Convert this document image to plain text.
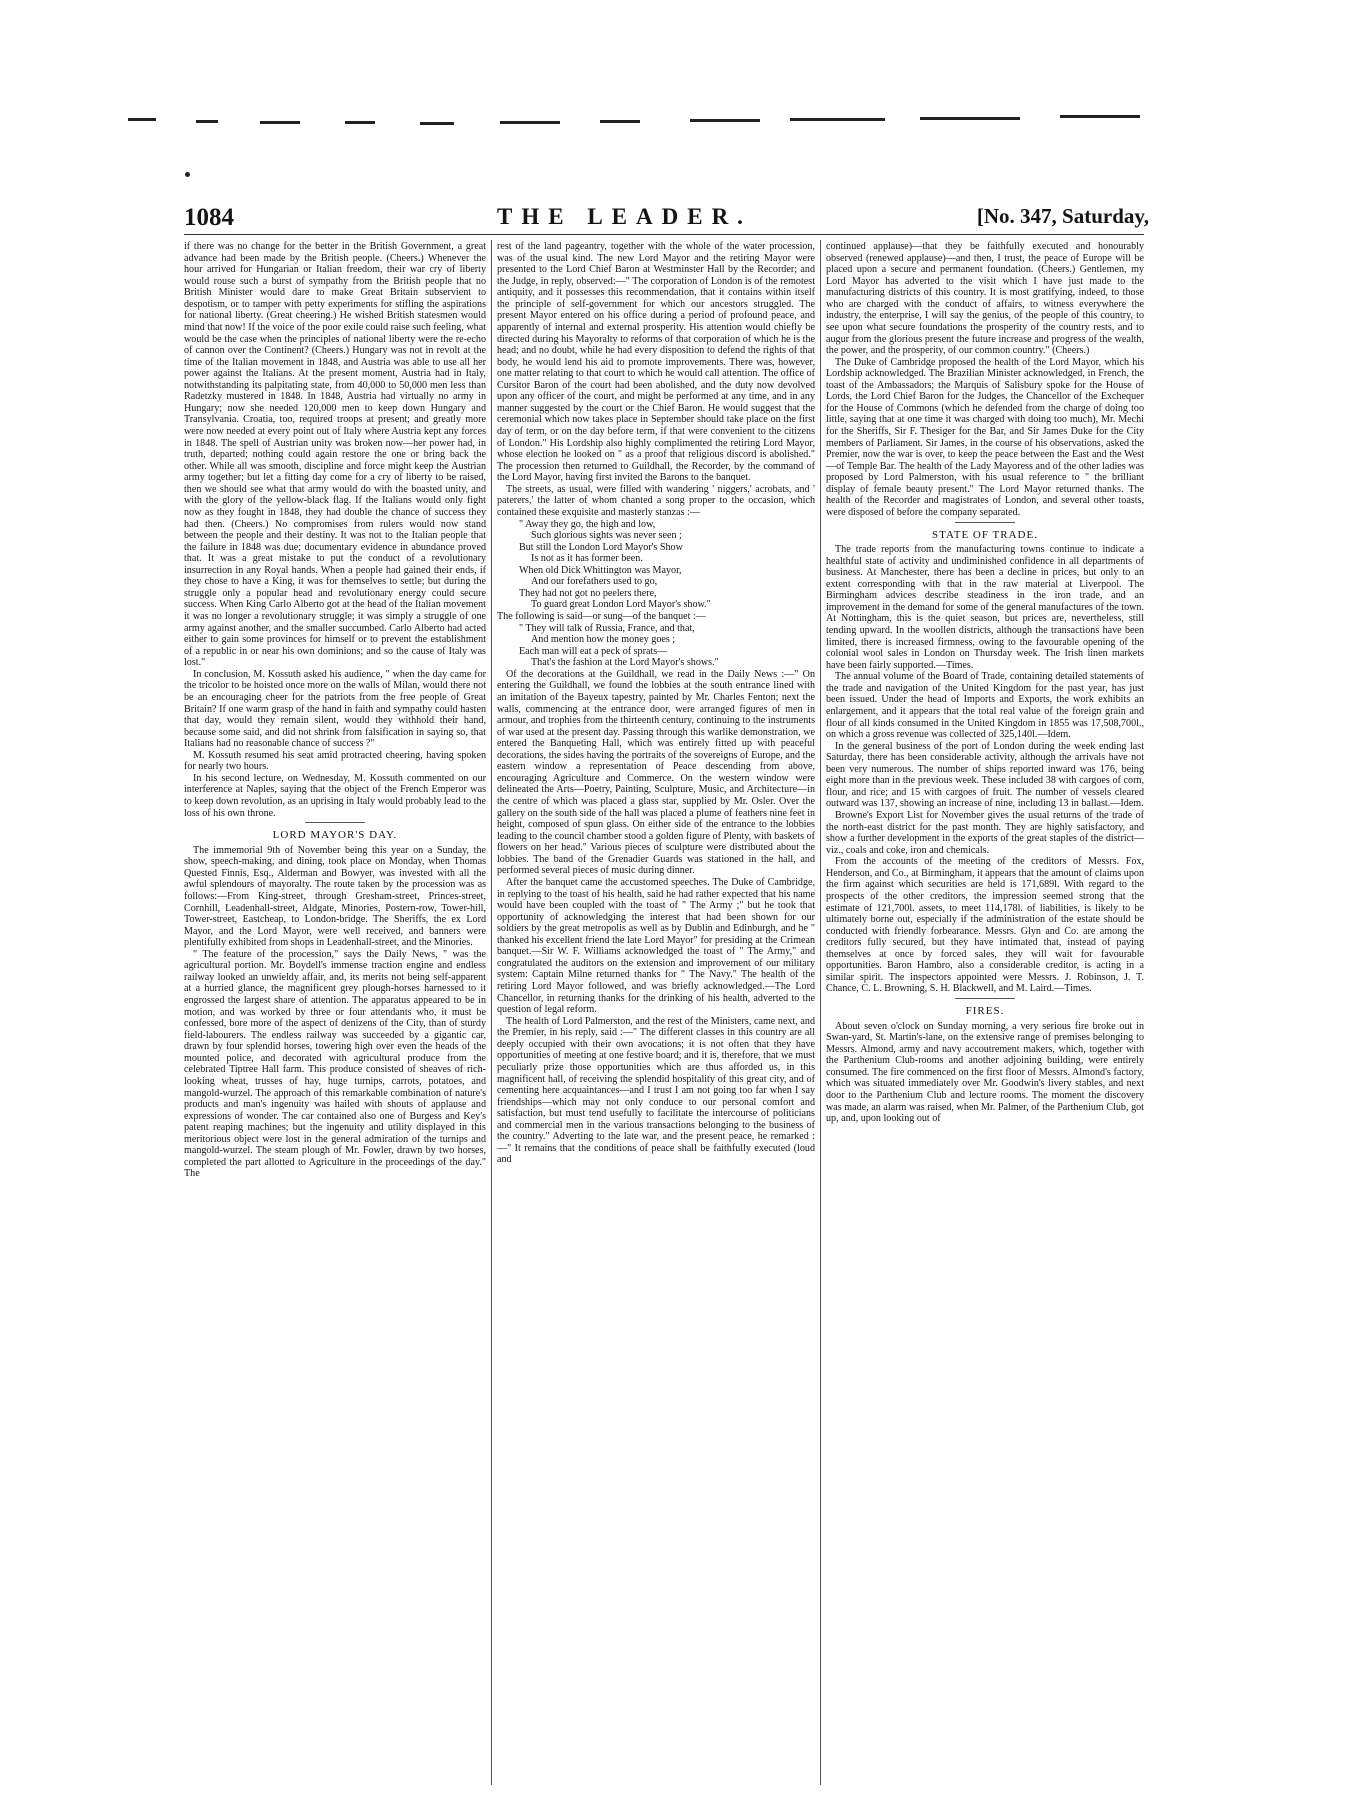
1084	THE LEADER.	[No. 347, Saturday,

if there was no change for the better in the British Government, a great advance had been made by the British people. (Cheers.) Whenever the hour arrived for Hungarian or Italian freedom, their war cry of liberty would rouse such a burst of sympathy from the British people that no British Minister would dare to make Great Britain subservient to despotism, or to tamper with petty experiments for stifling the aspirations for national liberty. (Great cheering.) He wished British statesmen would mind that now! If the voice of the poor exile could raise such feeling, what would be the case when the principles of national liberty were the re-echo of cannon over the Continent? (Cheers.) Hungary was not in revolt at the time of the Italian movement in 1848, and Austria was able to use all her power against the Italians. At the present moment, Austria had in Italy, notwithstanding its palpitating state, from 40,000 to 50,000 men less than Radetzky mustered in 1848. In 1848, Austria had virtually no army in Hungary; now she needed 120,000 men to keep down Hungary and Transylvania. Croatia, too, required troops at present; and greatly more were now needed at every point out of Italy where Austria kept any forces in 1848. The spell of Austrian unity was broken now—her power had, in truth, departed; nothing could again restore the one or bring back the other. While all was smooth, discipline and force might keep the Austrian army together; but let a fitting day come for a cry of liberty to be raised, then we should see what that army would do with the boasted unity, and with the glory of the yellow-black flag. If the Italians would only fight now as they fought in 1848, they had double the chance of success they had then. (Cheers.) No compromises from rulers would now stand between the people and their destiny. It was not to the Italian people that the failure in 1848 was due; documentary evidence in abundance proved that. It was a great mistake to put the conduct of a revolutionary insurrection in any Royal hands. When a people had gained their ends, if they chose to have a King, it was for themselves to settle; but during the struggle only a popular head and revolutionary energy could secure success. When King Carlo Alberto got at the head of the Italian movement it was no longer a revolutionary struggle; it was simply a struggle of one army against another, and the smaller succumbed. Carlo Alberto had acted either to gain some provinces for himself or to prevent the establishment of a republic in or near his own dominions; and so the cause of Italy was lost."

In conclusion, M. Kossuth asked his audience, " when the day came for the tricolor to be hoisted once more on the walls of Milan, would there not be an encouraging cheer for the patriots from the free people of Great Britain? If one warm grasp of the hand in faith and sympathy could hasten that day, would they remain silent, would they withhold their hand, because some said, and did not shrink from falsification in saying so, that Italians had no reasonable chance of success ?"

M. Kossuth resumed his seat amid protracted cheering, having spoken for nearly two hours.

In his second lecture, on Wednesday, M. Kossuth commented on our interference at Naples, saying that the object of the French Emperor was to keep down revolution, as an uprising in Italy would probably lead to the loss of his own throne.

LORD MAYOR'S DAY.

The immemorial 9th of November being this year on a Sunday, the show, speech-making, and dining, took place on Monday, when Thomas Quested Finnis, Esq., Alderman and Bowyer, was invested with all the awful splendours of mayoralty. The route taken by the procession was as follows:—From King-street, through Gresham-street, Princes-street, Cornhill, Leadenhall-street, Aldgate, Minories, Postern-row, Tower-hill, Tower-street, Eastcheap, to London-bridge. The Sheriffs, the ex Lord Mayor, and the Lord Mayor, were well received, and banners were plentifully exhibited from shops in Leadenhall-street, and the Minories.

" The feature of the procession," says the Daily News, " was the agricultural portion. Mr. Boydell's immense traction engine and endless railway looked an unwieldy affair, and, its merits not being self-apparent at a hurried glance, the magnificent grey plough-horses harnessed to it engrossed the largest share of attention. The apparatus appeared to be in motion, and was worked by three or four attendants who, it must be confessed, bore more of the aspect of denizens of the City, than of sturdy field-labourers. The endless railway was succeeded by a gigantic car, drawn by four splendid horses, towering high over even the heads of the mounted police, and decorated with agricultural produce from the celebrated Tiptree Hall farm. This produce consisted of sheaves of rich-looking wheat, trusses of hay, huge turnips, carrots, potatoes, and mangold-wurzel. The approach of this remarkable combination of nature's products and man's ingenuity was hailed with shouts of applause and expressions of wonder. The car contained also one of Burgess and Key's patent reaping machines; but the ingenuity and utility displayed in this meritorious object were lost in the general admiration of the turnips and mangold-wurzel. The steam plough of Mr. Fowler, drawn by two horses, completed the part allotted to Agriculture in the proceedings of the day." The

rest of the land pageantry, together with the whole of the water procession, was of the usual kind. The new Lord Mayor and the retiring Mayor were presented to the Lord Chief Baron at Westminster Hall by the Recorder; and the Judge, in reply, observed:—" The corporation of London is of the remotest antiquity, and it possesses this recommendation, that it contains within itself the principle of self-government for which our ancestors struggled. The present Mayor entered on his office during a period of profound peace, and apparently of internal and external prosperity. His attention would chiefly be directed during his Mayoralty to reforms of that corporation of which he is the head; and no doubt, while he had every disposition to defend the rights of that body, he would lend his aid to promote improvements. There was, however, one matter relating to that court to which he would call attention. The office of Cursitor Baron of the court had been abolished, and the duty now devolved upon any officer of the court, and might be performed at any time, and in any manner suggested by the court or the Chief Baron. He would suggest that the ceremonial which now takes place in September should take place on the first day of term, or on the day before term, if that were convenient to the citizens of London." His Lordship also highly complimented the retiring Lord Mayor, whose election he looked on " as a proof that religious discord is abolished." The procession then returned to Guildhall, the Recorder, by the command of the Lord Mayor, having first invited the Barons to the banquet.

The streets, as usual, were filled with wandering ' niggers,' acrobats, and ' paterers,' the latter of whom chanted a song proper to the occasion, which contained these exquisite and masterly stanzas :—

" Away they go, the high and low,
Such glorious sights was never seen ;
But still the London Lord Mayor's Show
Is not as it has former been.
When old Dick Whittington was Mayor,
And our forefathers used to go,
They had not got no peelers there,
To guard great London Lord Mayor's show."

The following is said—or sung—of the banquet :—

" They will talk of Russia, France, and that,
And mention how the money goes ;
Each man will eat a peck of sprats—
That's the fashion at the Lord Mayor's shows."

Of the decorations at the Guildhall, we read in the Daily News :—" On entering the Guildhall, we found the lobbies at the south entrance lined with an imitation of the Bayeux tapestry, painted by Mr. Charles Fenton; next the walls, commencing at the entrance door, were arranged figures of men in armour, and trophies from the thirteenth century, continuing to the instruments of war used at the present day. Passing through this warlike demonstration, we entered the Banqueting Hall, which was entirely fitted up with peaceful decorations, the sides having the portraits of the sovereigns of Europe, and the eastern window a representation of Peace descending from above, encouraging Agriculture and Commerce. On the western window were delineated the Arts—Poetry, Painting, Sculpture, Music, and Architecture—in the centre of which was placed a glass star, supplied by Mr. Osler. Over the gallery on the south side of the hall was placed a plume of feathers nine feet in height, composed of spun glass. On either side of the entrance to the lobbies leading to the council chamber stood a golden figure of Plenty, with baskets of flowers on her head." Various pieces of sculpture were distributed about the lobbies. The band of the Grenadier Guards was stationed in the hall, and performed several pieces of music during dinner.

After the banquet came the accustomed speeches. The Duke of Cambridge, in replying to the toast of his health, said he had rather expected that his name would have been coupled with the toast of " The Army ;" but he took that opportunity of acknowledging the interest that had been shown for our soldiers by the great metropolis as well as by Dublin and Edinburgh, and he " thanked his excellent friend the late Lord Mayor" for presiding at the Crimean banquet.—Sir W. F. Williams acknowledged the toast of " The Army," and congratulated the auditors on the extension and improvement of our military system: Captain Milne returned thanks for " The Navy." The health of the retiring Lord Mayor followed, and was briefly acknowledged.—The Lord Chancellor, in returning thanks for the drinking of his health, adverted to the question of legal reform.

The health of Lord Palmerston, and the rest of the Ministers, came next, and the Premier, in his reply, said :—" The different classes in this country are all deeply occupied with their own avocations; it is not often that they have opportunities of meeting at one festive board; and it is, therefore, that we must peculiarly prize those opportunities which are thus afforded us, in this magnificent hall, of receiving the splendid hospitality of this great city, and of cementing here acquaintances—and I trust I am not going too far when I say friendships—which may not only conduce to our personal comfort and satisfaction, but must tend usefully to facilitate the intercourse of politicians and commercial men in the various transactions belonging to the business of the country." Adverting to the late war, and the present peace, he remarked :—" It remains that the conditions of peace shall be faithfully executed (loud and

continued applause)—that they be faithfully executed and honourably observed (renewed applause)—and then, I trust, the peace of Europe will be placed upon a secure and permanent foundation. (Cheers.) Gentlemen, my Lord Mayor has adverted to the visit which I have just made to the manufacturing districts of this country. It is most gratifying, indeed, to those who are charged with the conduct of affairs, to witness everywhere the industry, the enterprise, I will say the genius, of the people of this country, to see upon what secure foundations the prosperity of the country rests, and to augur from the glorious present the future increase and progress of the wealth, the power, and the prosperity, of our common country." (Cheers.)

The Duke of Cambridge proposed the health of the Lord Mayor, which his Lordship acknowledged. The Brazilian Minister acknowledged, in French, the toast of the Ambassadors; the Marquis of Salisbury spoke for the House of Lords, the Lord Chief Baron for the Judges, the Chancellor of the Exchequer for the House of Commons (which he defended from the charge of doing too little, saying that at one time it was charged with doing too much), Mr. Mechi for the Sheriffs, Sir F. Thesiger for the Bar, and Sir James Duke for the City members of Parliament. Sir James, in the course of his observations, asked the Premier, now the war is over, to keep the peace between the East and the West—of Temple Bar. The health of the Lady Mayoress and of the other ladies was proposed by Lord Palmerston, with his usual reference to " the brilliant display of female beauty present." The Lord Mayor returned thanks. The health of the Recorder and magistrates of London, and several other toasts, were disposed of before the company separated.

STATE OF TRADE.

The trade reports from the manufacturing towns continue to indicate a healthful state of activity and undiminished confidence in all departments of business. At Manchester, there has been a decline in prices, but only to an extent corresponding with that in the raw material at Liverpool. The Birmingham advices describe steadiness in the iron trade, and an improvement in the demand for some of the general manufactures of the town. At Nottingham, this is the quiet season, but prices are, nevertheless, still tending upward. In the woollen districts, although the transactions have been limited, there is increased firmness, owing to the favourable opening of the colonial wool sales in London on Thursday week. The Irish linen markets have been fairly supported.—Times.

The annual volume of the Board of Trade, containing detailed statements of the trade and navigation of the United Kingdom for the past year, has just been issued. Under the head of Imports and Exports, the work exhibits an enlargement, and it appears that the total real value of the foreign grain and flour of all kinds consumed in the United Kingdom in 1855 was 17,508,700l., on which a gross revenue was collected of 325,140l.—Idem.

In the general business of the port of London during the week ending last Saturday, there has been considerable activity, although the arrivals have not been very numerous. The number of ships reported inward was 176, being eight more than in the previous week. These included 38 with cargoes of corn, flour, and rice; and 15 with cargoes of fruit. The number of vessels cleared outward was 137, showing an increase of nine, including 13 in ballast.—Idem.

Browne's Export List for November gives the usual returns of the trade of the north-east district for the past month. They are highly satisfactory, and show a further development in the exports of the great staples of the district—viz., coals and coke, iron and chemicals.

From the accounts of the meeting of the creditors of Messrs. Fox, Henderson, and Co., at Birmingham, it appears that the amount of claims upon the firm against which securities are held is 171,689l. With regard to the prospects of the other creditors, the impression seemed strong that the estimate of 121,700l. assets, to meet 114,178l. of liabilities, is likely to be ultimately borne out, especially if the administration of the estate should be conducted with friendly forbearance. Messrs. Glyn and Co. are among the creditors fully secured, but they have intimated that, instead of paying themselves at once by forced sales, they will wait for favourable opportunities. Baron Hambro, also a considerable creditor, is acting in a similar spirit. The inspectors appointed were Messrs. J. Robinson, J. T. Chance, C. L. Browning, S. H. Blackwell, and M. Laird.—Times.

FIRES.

About seven o'clock on Sunday morning, a very serious fire broke out in Swan-yard, St. Martin's-lane, on the extensive range of premises belonging to Messrs. Almond, army and navy accoutrement makers, which, together with the Parthenium Club-rooms and another adjoining building, were entirely consumed. The fire commenced on the first floor of Messrs. Almond's factory, which was situated immediately over Mr. Goodwin's livery stables, and next door to the Parthenium Club and lecture rooms. The moment the discovery was made, an alarm was raised, when Mr. Palmer, of the Parthenium Club, got up, and, upon looking out of
